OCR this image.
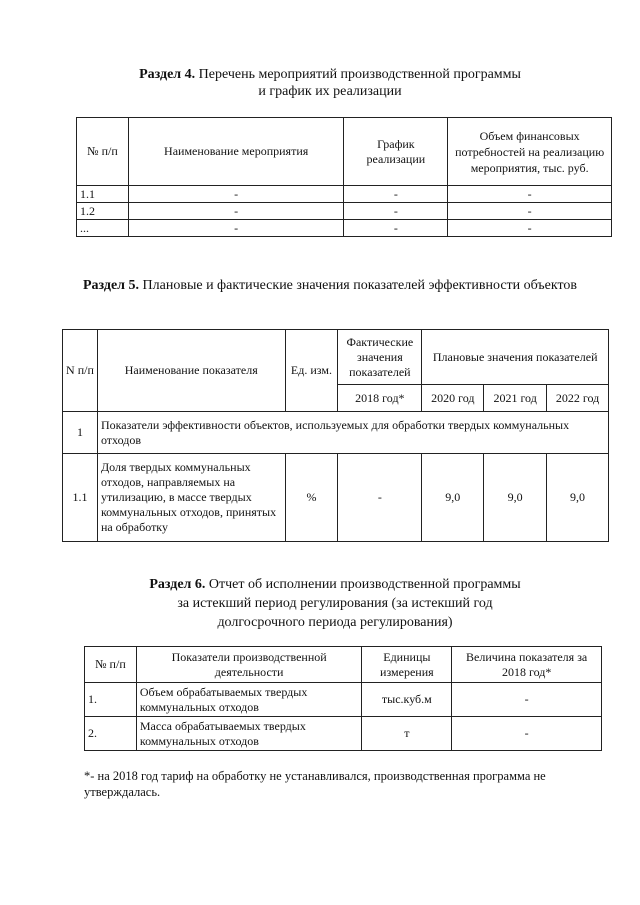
Раздел 4. Перечень мероприятий производственной программы
и график их реализации
№ п/п	Наименование мероприятия	График реализации	Объем финансовых потребностей на реализацию мероприятия, тыс. руб.
1.1	-	-	-
1.2	-	-	-
...	-	-	-
Раздел 5. Плановые и фактические значения показателей эффективности объектов
N п/п	Наименование показателя	Ед. изм.	Фактические значения показателей	Плановые значения показателей		
			2018 год*	2020 год	2021 год	2022 год
1	Показатели эффективности объектов, используемых для обработки твердых коммунальных отходов					
1.1	Доля твердых коммунальных отходов, направляемых на утилизацию, в массе твердых коммунальных отходов, принятых на обработку	%	-	9,0	9,0	9,0
Раздел 6. Отчет об исполнении производственной программы
за истекший период регулирования (за истекший год
долгосрочного периода регулирования)
№ п/п	Показатели производственной деятельности	Единицы измерения	Величина показателя за 2018 год*
1.	Объем обрабатываемых твердых коммунальных отходов	тыс.куб.м	-
2.	Масса обрабатываемых твердых коммунальных отходов	т	-
*- на 2018 год тариф на обработку не устанавливался, производственная программа не утверждалась.
